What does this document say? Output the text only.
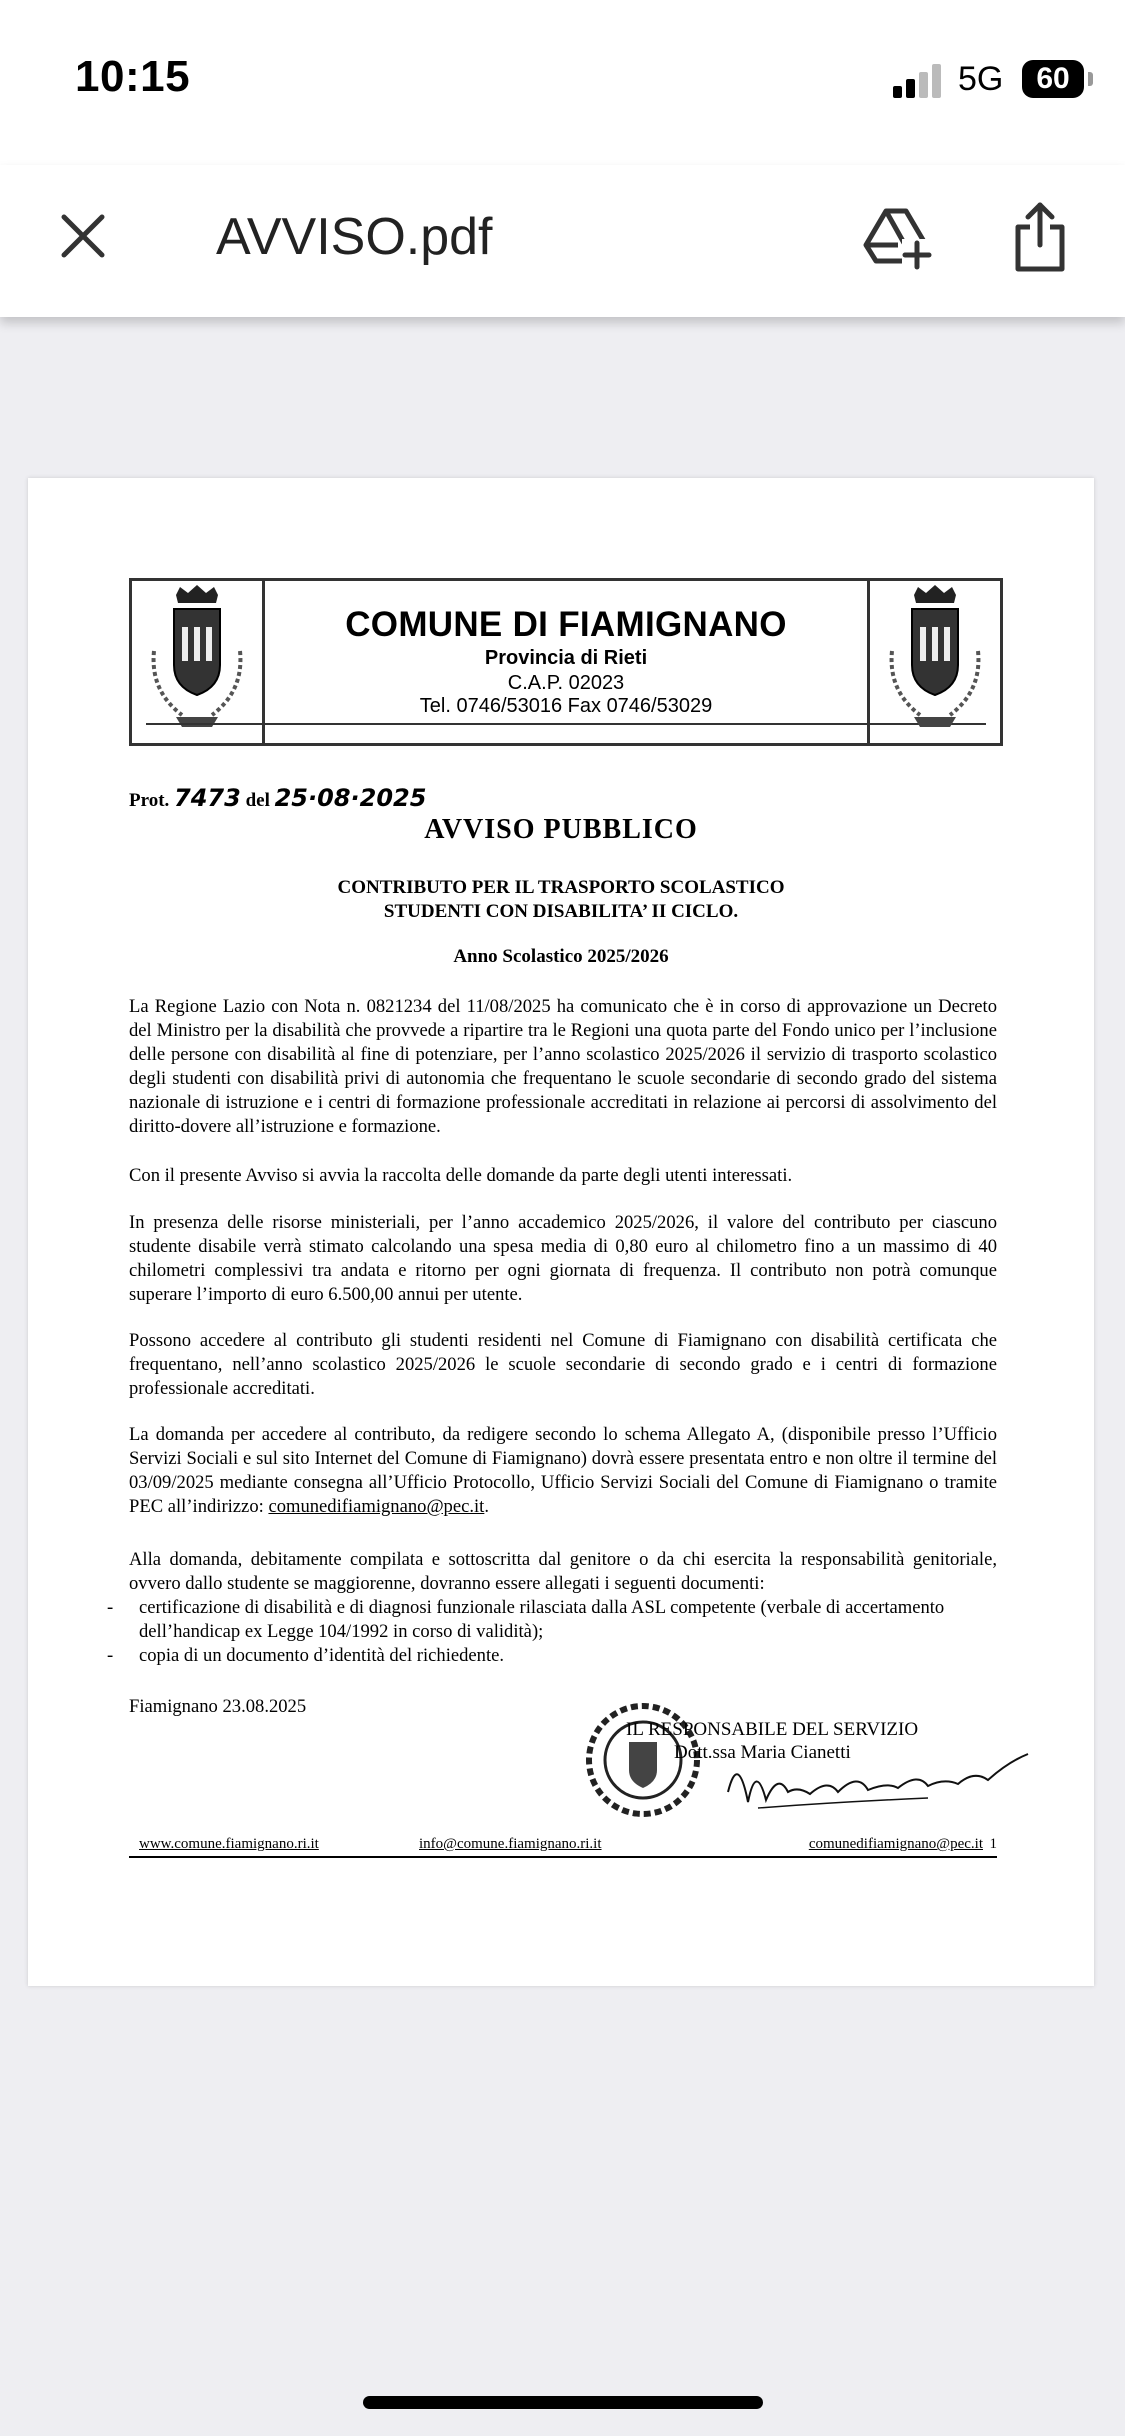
10:15	5G	60
AVVISO.pdf
COMUNE DI FIAMIGNANO
Provincia di Rieti
C.A.P. 02023
Tel. 0746/53016 Fax 0746/53029
Prot. 7473 del 25·08·2025
AVVISO PUBBLICO
CONTRIBUTO PER IL TRASPORTO SCOLASTICO
STUDENTI CON DISABILITA’ II CICLO.
Anno Scolastico 2025/2026

La Regione Lazio con Nota n. 0821234 del 11/08/2025 ha comunicato che è in corso di approvazione un Decreto del Ministro per la disabilità che provvede a ripartire tra le Regioni una quota parte del Fondo unico per l’inclusione delle persone con disabilità al fine di potenziare, per l’anno scolastico 2025/2026 il servizio di trasporto scolastico degli studenti con disabilità privi di autonomia che frequentano le scuole secondarie di secondo grado del sistema nazionale di istruzione e i centri di formazione professionale accreditati in relazione ai percorsi di assolvimento del diritto-dovere all’istruzione e formazione.

Con il presente Avviso si avvia la raccolta delle domande da parte degli utenti interessati.

In presenza delle risorse ministeriali, per l’anno accademico 2025/2026, il valore del contributo per ciascuno studente disabile verrà stimato calcolando una spesa media di 0,80 euro al chilometro fino a un massimo di 40 chilometri complessivi tra andata e ritorno per ogni giornata di frequenza. Il contributo non potrà comunque superare l’importo di euro 6.500,00 annui per utente.

Possono accedere al contributo gli studenti residenti nel Comune di Fiamignano con disabilità certificata che frequentano, nell’anno scolastico 2025/2026 le scuole secondarie di secondo grado e i centri di formazione professionale accreditati.

La domanda per accedere al contributo, da redigere secondo lo schema Allegato A, (disponibile presso l’Ufficio Servizi Sociali e sul sito Internet del Comune di Fiamignano) dovrà essere presentata entro e non oltre il termine del 03/09/2025 mediante consegna all’Ufficio Protocollo, Ufficio Servizi Sociali del Comune di Fiamignano o tramite PEC all’indirizzo: comunedifiamignano@pec.it.

Alla domanda, debitamente compilata e sottoscritta dal genitore o da chi esercita la responsabilità genitoriale, ovvero dallo studente se maggiorenne, dovranno essere allegati i seguenti documenti:

- certificazione di disabilità e di diagnosi funzionale rilasciata dalla ASL competente (verbale di accertamento dell’handicap ex Legge 104/1992 in corso di validità);
- copia di un documento d’identità del richiedente.
Fiamignano 23.08.2025
IL RESPONSABILE DEL SERVIZIO
Dott.ssa Maria Cianetti
www.comune.fiamignano.ri.it	info@comune.fiamignano.ri.it	comunedifiamignano@pec.it 1
